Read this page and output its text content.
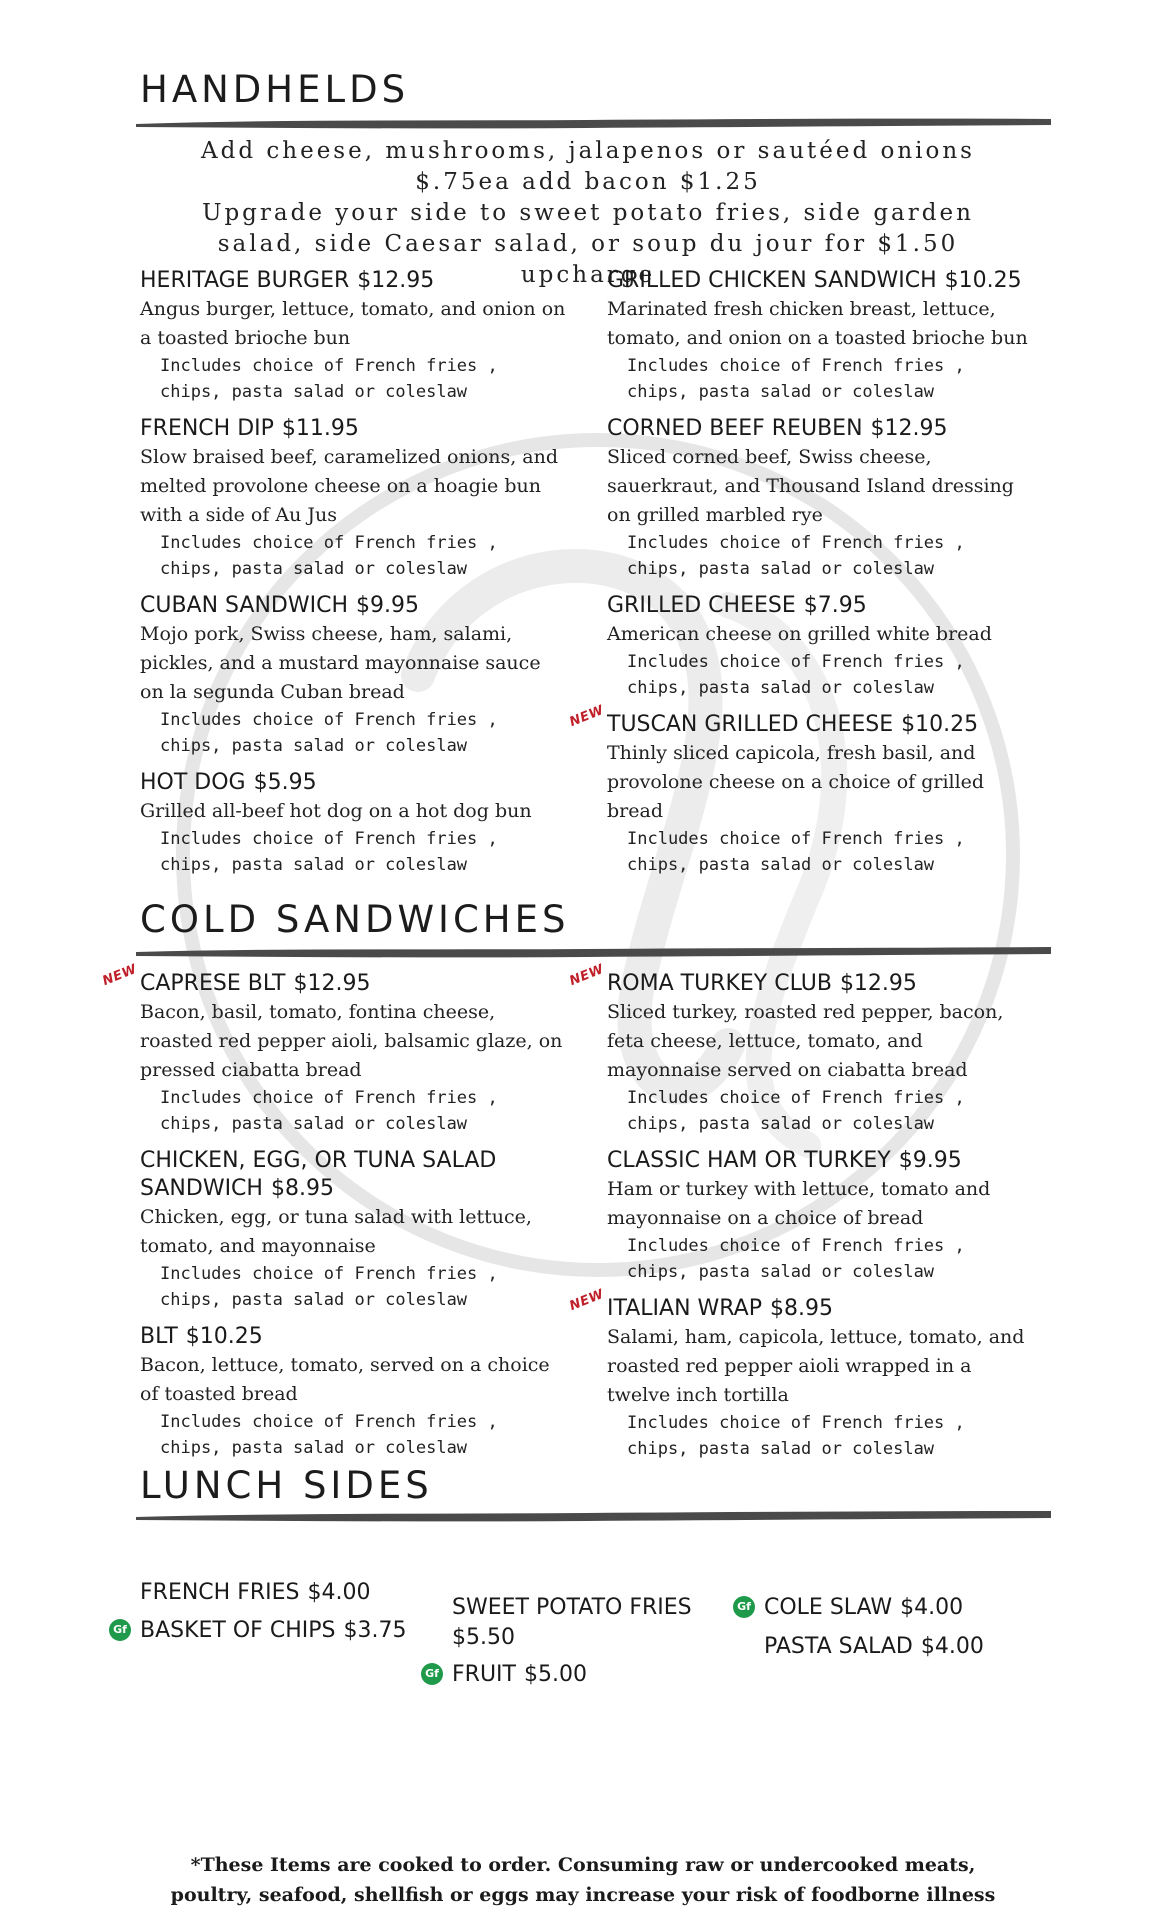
HANDHELDS

Add cheese, mushrooms, jalapenos or sautéed onions $.75ea add bacon $1.25

Upgrade your side to sweet potato fries, side garden salad, side Caesar salad, or soup du jour for $1.50 upcharge

HERITAGE BURGER $12.95

Angus burger, lettuce, tomato, and onion on a toasted brioche bun

Includes choice of French fries ,

chips, pasta salad or coleslaw

FRENCH DIP $11.95

Slow braised beef, caramelized onions, and melted provolone cheese on a hoagie bun with a side of Au Jus

Includes choice of French fries ,

chips, pasta salad or coleslaw

CUBAN SANDWICH $9.95

Mojo pork, Swiss cheese, ham, salami, pickles, and a mustard mayonnaise sauce on la segunda Cuban bread

Includes choice of French fries ,

chips, pasta salad or coleslaw

HOT DOG $5.95

Grilled all-beef hot dog on a hot dog bun

Includes choice of French fries ,

chips, pasta salad or coleslaw

GRILLED CHICKEN SANDWICH $10.25

Marinated fresh chicken breast, lettuce, tomato, and onion on a toasted brioche bun

Includes choice of French fries ,

chips, pasta salad or coleslaw

CORNED BEEF REUBEN $12.95

Sliced corned beef, Swiss cheese, sauerkraut, and Thousand Island dressing on grilled marbled rye

Includes choice of French fries ,

chips, pasta salad or coleslaw

GRILLED CHEESE $7.95

American cheese on grilled white bread

Includes choice of French fries ,

chips, pasta salad or coleslaw

NEW TUSCAN GRILLED CHEESE $10.25

Thinly sliced capicola, fresh basil, and provolone cheese on a choice of grilled bread

Includes choice of French fries ,

chips, pasta salad or coleslaw

COLD SANDWICHES
NEW CAPRESE BLT $12.95

Bacon, basil, tomato, fontina cheese, roasted red pepper aioli, balsamic glaze, on pressed ciabatta bread

Includes choice of French fries ,

chips, pasta salad or coleslaw

CHICKEN, EGG, OR TUNA SALAD
SANDWICH $8.95

Chicken, egg, or tuna salad with lettuce, tomato, and mayonnaise

Includes choice of French fries ,

chips, pasta salad or coleslaw

BLT $10.25

Bacon, lettuce, tomato, served on a choice of toasted bread

Includes choice of French fries ,

chips, pasta salad or coleslaw

NEW ROMA TURKEY CLUB $12.95

Sliced turkey, roasted red pepper, bacon, feta cheese, lettuce, tomato, and mayonnaise served on ciabatta bread

Includes choice of French fries ,

chips, pasta salad or coleslaw

CLASSIC HAM OR TURKEY $9.95

Ham or turkey with lettuce, tomato and mayonnaise on a choice of bread

Includes choice of French fries ,

chips, pasta salad or coleslaw

NEW ITALIAN WRAP $8.95

Salami, ham, capicola, lettuce, tomato, and roasted red pepper aioli wrapped in a twelve inch tortilla

Includes choice of French fries ,

chips, pasta salad or coleslaw

LUNCH SIDES
FRENCH FRIES $4.00
Gf BASKET OF CHIPS $3.75
SWEET POTATO FRIES
$5.50
Gf FRUIT $5.00
Gf COLE SLAW $4.00
PASTA SALAD $4.00

*These Items are cooked to order. Consuming raw or undercooked meats,

poultry, seafood, shellfish or eggs may increase your risk of foodborne illness
